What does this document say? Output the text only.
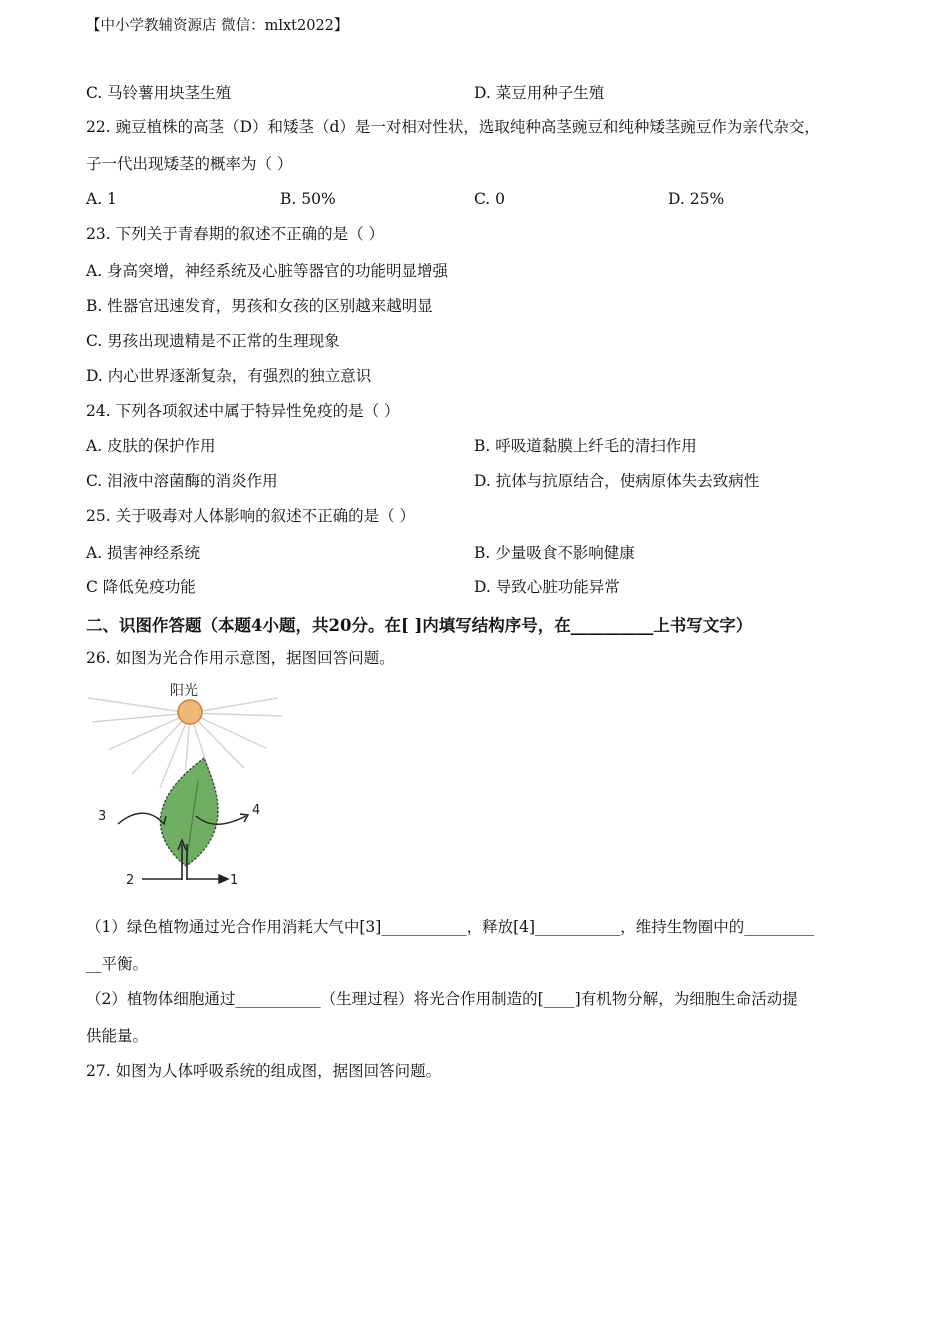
【中小学教辅资源店 微信：mlxt2022】
C. 马铃薯用块茎生殖	D. 菜豆用种子生殖
22. 豌豆植株的高茎（D）和矮茎（d）是一对相对性状，选取纯种高茎豌豆和纯种矮茎豌豆作为亲代杂交，
子一代出现矮茎的概率为（ ）
A. 1	B. 50%	C. 0	D. 25%
23. 下列关于青春期的叙述不正确的是（ ）
A. 身高突增，神经系统及心脏等器官的功能明显增强
B. 性器官迅速发育，男孩和女孩的区别越来越明显
C. 男孩出现遗精是不正常的生理现象
D. 内心世界逐渐复杂，有强烈的独立意识
24. 下列各项叙述中属于特异性免疫的是（ ）
A. 皮肤的保护作用	B. 呼吸道黏膜上纤毛的清扫作用
C. 泪液中溶菌酶的消炎作用	D. 抗体与抗原结合，使病原体失去致病性
25. 关于吸毒对人体影响的叙述不正确的是（ ）
A. 损害神经系统	B. 少量吸食不影响健康
C 降低免疫功能	D. 导致心脏功能异常
二、识图作答题（本题4小题，共20分。在[ ]内填写结构序号，在__________上书写文字）
26. 如图为光合作用示意图，据图回答问题。
阳光
3	4
2	1
（1）绿色植物通过光合作用消耗大气中[3]___________，释放[4]___________，维持生物圈中的_________
__平衡。
（2）植物体细胞通过___________（生理过程）将光合作用制造的[____]有机物分解，为细胞生命活动提
供能量。
27. 如图为人体呼吸系统的组成图，据图回答问题。
